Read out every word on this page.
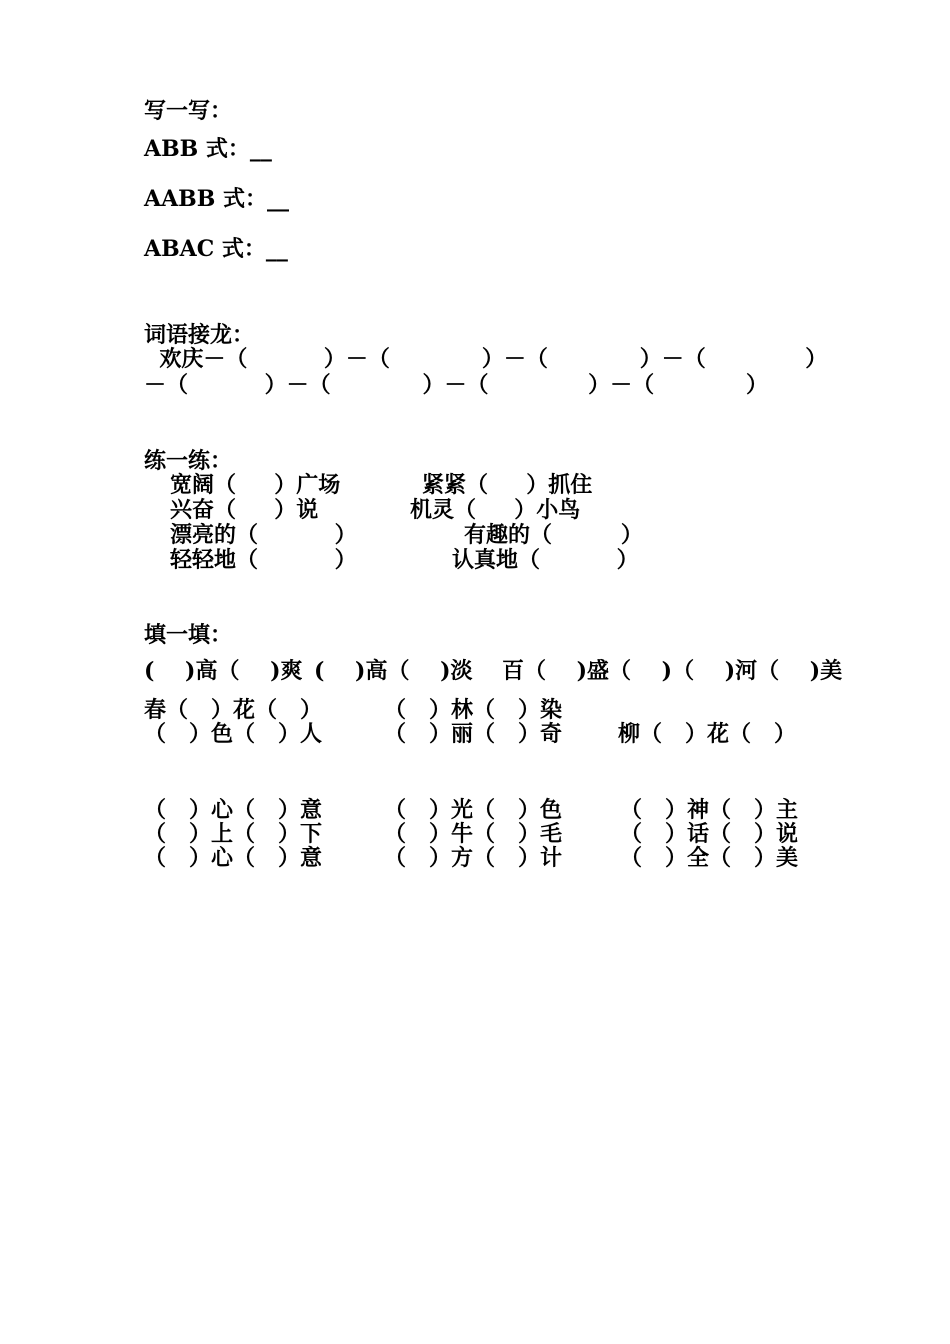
写一写：
ABB 式：__
AABB 式：__
ABAC 式：__
词语接龙：
欢庆－（          ）－（            ）－（            ）－（             ）
－（          ）－（            ）－（             ）－（            ）
练一练：
宽阔（     ）广场	紧紧（     ）抓住
兴奋（     ）说	机灵（     ）小鸟
漂亮的（          ）	有趣的（         ）
轻轻地（          ）	认真地（          ）
填一填：
(    )高（    )爽 (    )高（    )淡 百（    )盛（    )（    )河（    )美
春（   ）花（   ）	（   ）林（   ）染
（   ）色（   ）人	（   ）丽（   ）奇	柳（   ）花（   ）
（   ）心（   ）意	（   ）光（   ）色	（   ）神（   ）主
（   ）上（   ）下	（   ）牛（   ）毛	（   ）话（   ）说
（   ）心（   ）意	（   ）方（   ）计	（   ）全（   ）美
